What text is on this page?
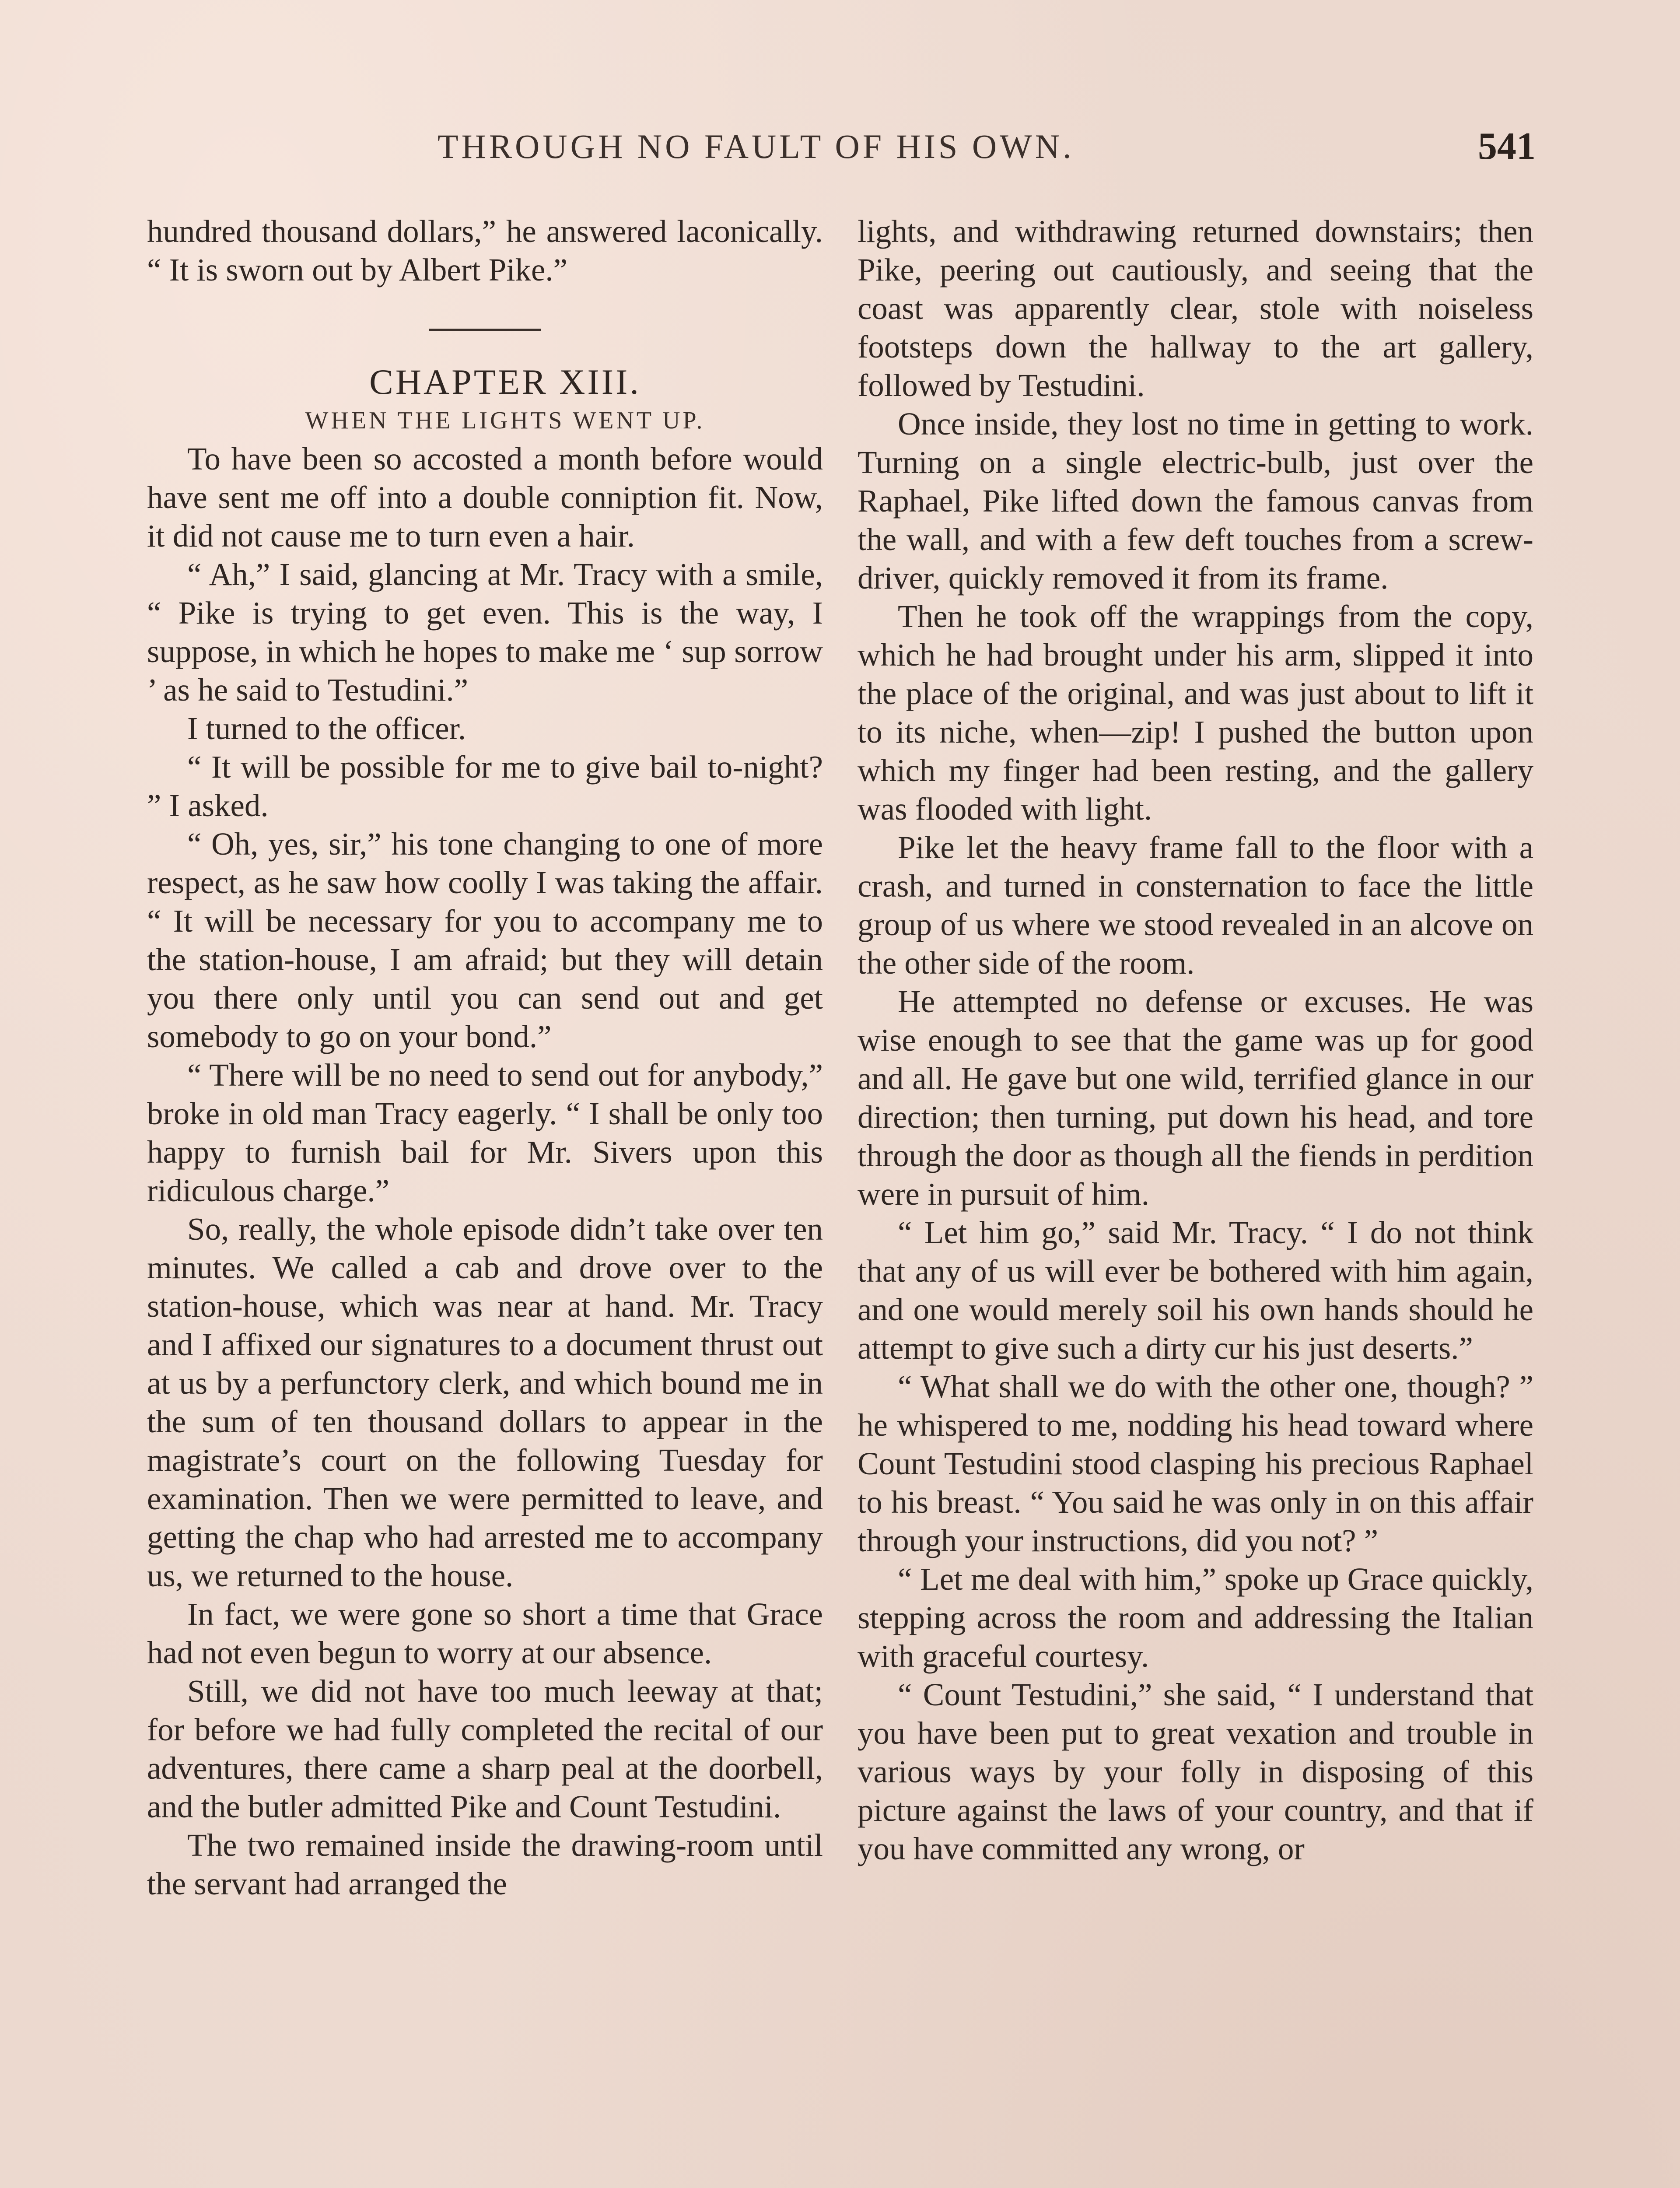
THROUGH NO FAULT OF HIS OWN.	541

hundred thousand dollars,” he answered laconically. “ It is sworn out by Albert Pike.”

CHAPTER XIII.

WHEN THE LIGHTS WENT UP.

To have been so accosted a month before would have sent me off into a double conniption fit. Now, it did not cause me to turn even a hair.

“ Ah,” I said, glancing at Mr. Tracy with a smile, “ Pike is trying to get even. This is the way, I suppose, in which he hopes to make me ‘ sup sorrow ’ as he said to Testudini.”

I turned to the officer.

“ It will be possible for me to give bail to-night? ” I asked.

“ Oh, yes, sir,” his tone changing to one of more respect, as he saw how coolly I was taking the affair. “ It will be necessary for you to accompany me to the station-house, I am afraid; but they will detain you there only until you can send out and get somebody to go on your bond.”

“ There will be no need to send out for anybody,” broke in old man Tracy eagerly. “ I shall be only too happy to furnish bail for Mr. Sivers upon this ridiculous charge.”

So, really, the whole episode didn’t take over ten minutes. We called a cab and drove over to the station-house, which was near at hand. Mr. Tracy and I affixed our signatures to a document thrust out at us by a perfunctory clerk, and which bound me in the sum of ten thousand dollars to appear in the magistrate’s court on the following Tuesday for examination. Then we were permitted to leave, and getting the chap who had arrested me to accompany us, we returned to the house.

In fact, we were gone so short a time that Grace had not even begun to worry at our absence.

Still, we did not have too much leeway at that; for before we had fully completed the recital of our adventures, there came a sharp peal at the doorbell, and the butler admitted Pike and Count Testudini.

The two remained inside the drawing-room until the servant had arranged the

lights, and withdrawing returned downstairs; then Pike, peering out cautiously, and seeing that the coast was apparently clear, stole with noiseless footsteps down the hallway to the art gallery, followed by Testudini.

Once inside, they lost no time in getting to work. Turning on a single electric-bulb, just over the Raphael, Pike lifted down the famous canvas from the wall, and with a few deft touches from a screw-driver, quickly removed it from its frame.

Then he took off the wrappings from the copy, which he had brought under his arm, slipped it into the place of the original, and was just about to lift it to its niche, when—zip! I pushed the button upon which my finger had been resting, and the gallery was flooded with light.

Pike let the heavy frame fall to the floor with a crash, and turned in consternation to face the little group of us where we stood revealed in an alcove on the other side of the room.

He attempted no defense or excuses. He was wise enough to see that the game was up for good and all. He gave but one wild, terrified glance in our direction; then turning, put down his head, and tore through the door as though all the fiends in perdition were in pursuit of him.

“ Let him go,” said Mr. Tracy. “ I do not think that any of us will ever be bothered with him again, and one would merely soil his own hands should he attempt to give such a dirty cur his just deserts.”

“ What shall we do with the other one, though? ” he whispered to me, nodding his head toward where Count Testudini stood clasping his precious Raphael to his breast. “ You said he was only in on this affair through your instructions, did you not? ”

“ Let me deal with him,” spoke up Grace quickly, stepping across the room and addressing the Italian with graceful courtesy.

“ Count Testudini,” she said, “ I understand that you have been put to great vexation and trouble in various ways by your folly in disposing of this picture against the laws of your country, and that if you have committed any wrong, or
